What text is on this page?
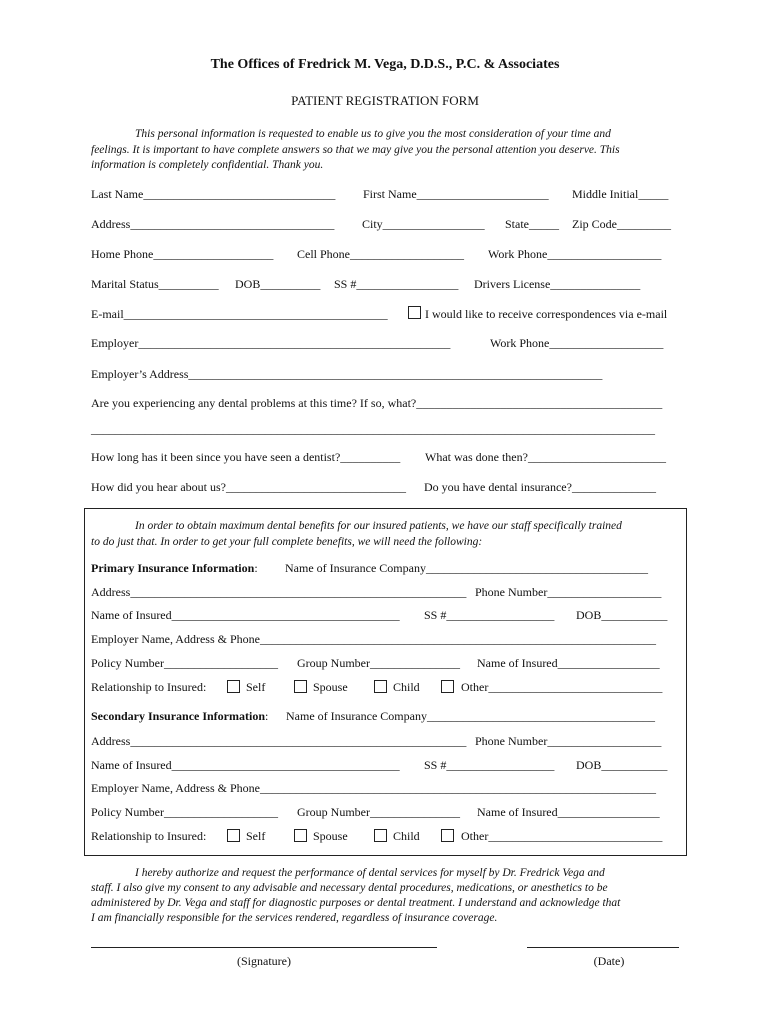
The Offices of Fredrick M. Vega, D.D.S., P.C. & Associates
PATIENT REGISTRATION FORM
This personal information is requested to enable us to give you the most consideration of your time and
feelings. It is important to have complete answers so that we may give you the personal attention you deserve. This
information is completely confidential. Thank you.
Last Name________________________________ First Name______________________ Middle Initial_____
Address__________________________________ City_________________ State_____ Zip Code_________
Home Phone____________________ Cell Phone___________________ Work Phone___________________
Marital Status__________ DOB__________ SS #_________________ Drivers License_______________
E-mail____________________________________________	I would like to receive correspondences via e-mail
Employer____________________________________________________	Work Phone___________________
Employer’s Address_____________________________________________________________________
Are you experiencing any dental problems at this time? If so, what?_________________________________________
______________________________________________________________________________________________
How long has it been since you have seen a dentist?__________ What was done then?_______________________
How did you hear about us?______________________________ Do you have dental insurance?______________
In order to obtain maximum dental benefits for our insured patients, we have our staff specifically trained
to do just that. In order to get your full complete benefits, we will need the following:
Primary Insurance Information: Name of Insurance Company_____________________________________
Address________________________________________________________ Phone Number___________________
Name of Insured______________________________________ SS #__________________ DOB___________
Employer Name, Address & Phone__________________________________________________________________
Policy Number___________________ Group Number_______________ Name of Insured_________________
Relationship to Insured:	Self	Spouse	Child	Other_____________________________
Secondary Insurance Information: Name of Insurance Company______________________________________
Address________________________________________________________ Phone Number___________________
Name of Insured______________________________________ SS #__________________ DOB___________
Employer Name, Address & Phone__________________________________________________________________
Policy Number___________________ Group Number_______________ Name of Insured_________________
Relationship to Insured:	Self	Spouse	Child	Other_____________________________
I hereby authorize and request the performance of dental services for myself by Dr. Fredrick Vega and
staff. I also give my consent to any advisable and necessary dental procedures, medications, or anesthetics to be
administered by Dr. Vega and staff for diagnostic purposes or dental treatment. I understand and acknowledge that
I am financially responsible for the services rendered, regardless of insurance coverage.
(Signature)	(Date)
